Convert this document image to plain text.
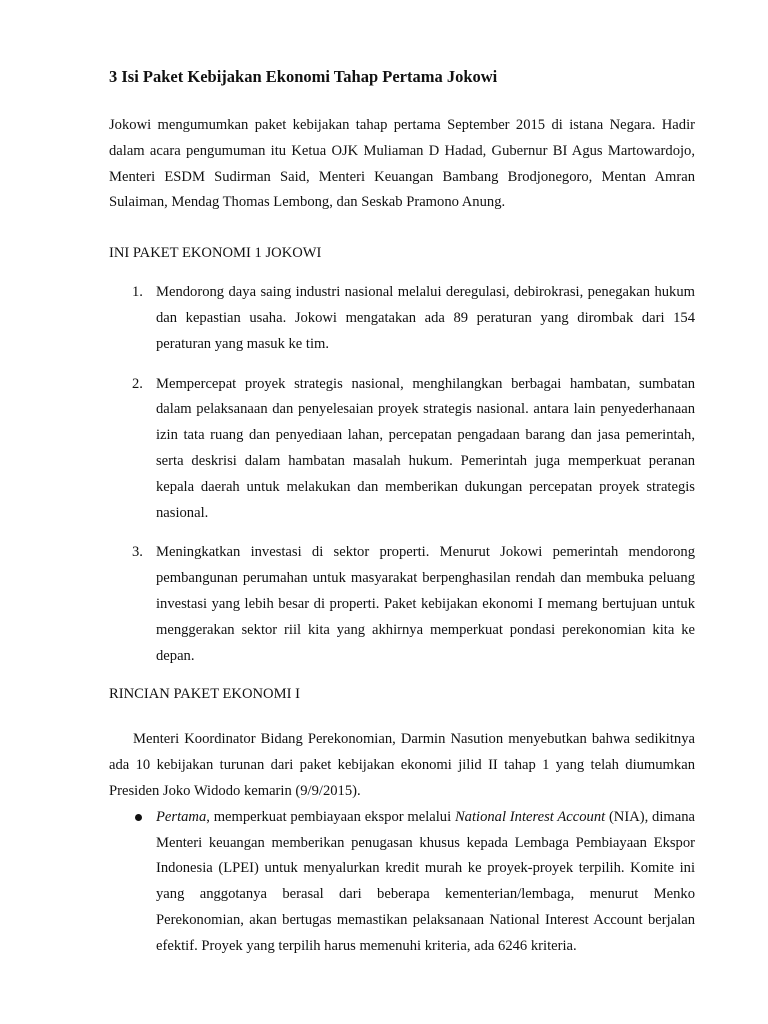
3 Isi Paket Kebijakan Ekonomi Tahap Pertama Jokowi

Jokowi mengumumkan paket kebijakan tahap pertama September 2015 di istana Negara. Hadir dalam acara pengumuman itu Ketua OJK Muliaman D Hadad, Gubernur BI Agus Martowardojo, Menteri ESDM Sudirman Said, Menteri Keuangan Bambang Brodjonegoro, Mentan Amran Sulaiman, Mendag Thomas Lembong, dan Seskab Pramono Anung.

INI PAKET EKONOMI 1 JOKOWI
1. Mendorong daya saing industri nasional melalui deregulasi, debirokrasi, penegakan hukum dan kepastian usaha. Jokowi mengatakan ada 89 peraturan yang dirombak dari 154 peraturan yang masuk ke tim.

2. Mempercepat proyek strategis nasional, menghilangkan berbagai hambatan, sumbatan dalam pelaksanaan dan penyelesaian proyek strategis nasional. antara lain penyederhanaan izin tata ruang dan penyediaan lahan, percepatan pengadaan barang dan jasa pemerintah, serta deskrisi dalam hambatan masalah hukum. Pemerintah juga memperkuat peranan kepala daerah untuk melakukan dan memberikan dukungan percepatan proyek strategis nasional.

3. Meningkatkan investasi di sektor properti. Menurut Jokowi pemerintah mendorong pembangunan perumahan untuk masyarakat berpenghasilan rendah dan membuka peluang investasi yang lebih besar di properti. Paket kebijakan ekonomi I memang bertujuan untuk menggerakan sektor riil kita yang akhirnya memperkuat pondasi perekonomian kita ke depan.

RINCIAN PAKET EKONOMI I

Menteri Koordinator Bidang Perekonomian, Darmin Nasution menyebutkan bahwa sedikitnya ada 10 kebijakan turunan dari paket kebijakan ekonomi jilid II tahap 1 yang telah diumumkan Presiden Joko Widodo kemarin (9/9/2015).

Pertama, memperkuat pembiayaan ekspor melalui National Interest Account (NIA), dimana Menteri keuangan memberikan penugasan khusus kepada Lembaga Pembiayaan Ekspor Indonesia (LPEI) untuk menyalurkan kredit murah ke proyek-proyek terpilih. Komite ini yang anggotanya berasal dari beberapa kementerian/lembaga, menurut Menko Perekonomian, akan bertugas memastikan pelaksanaan National Interest Account berjalan efektif. Proyek yang terpilih harus memenuhi kriteria, ada 6246 kriteria.
